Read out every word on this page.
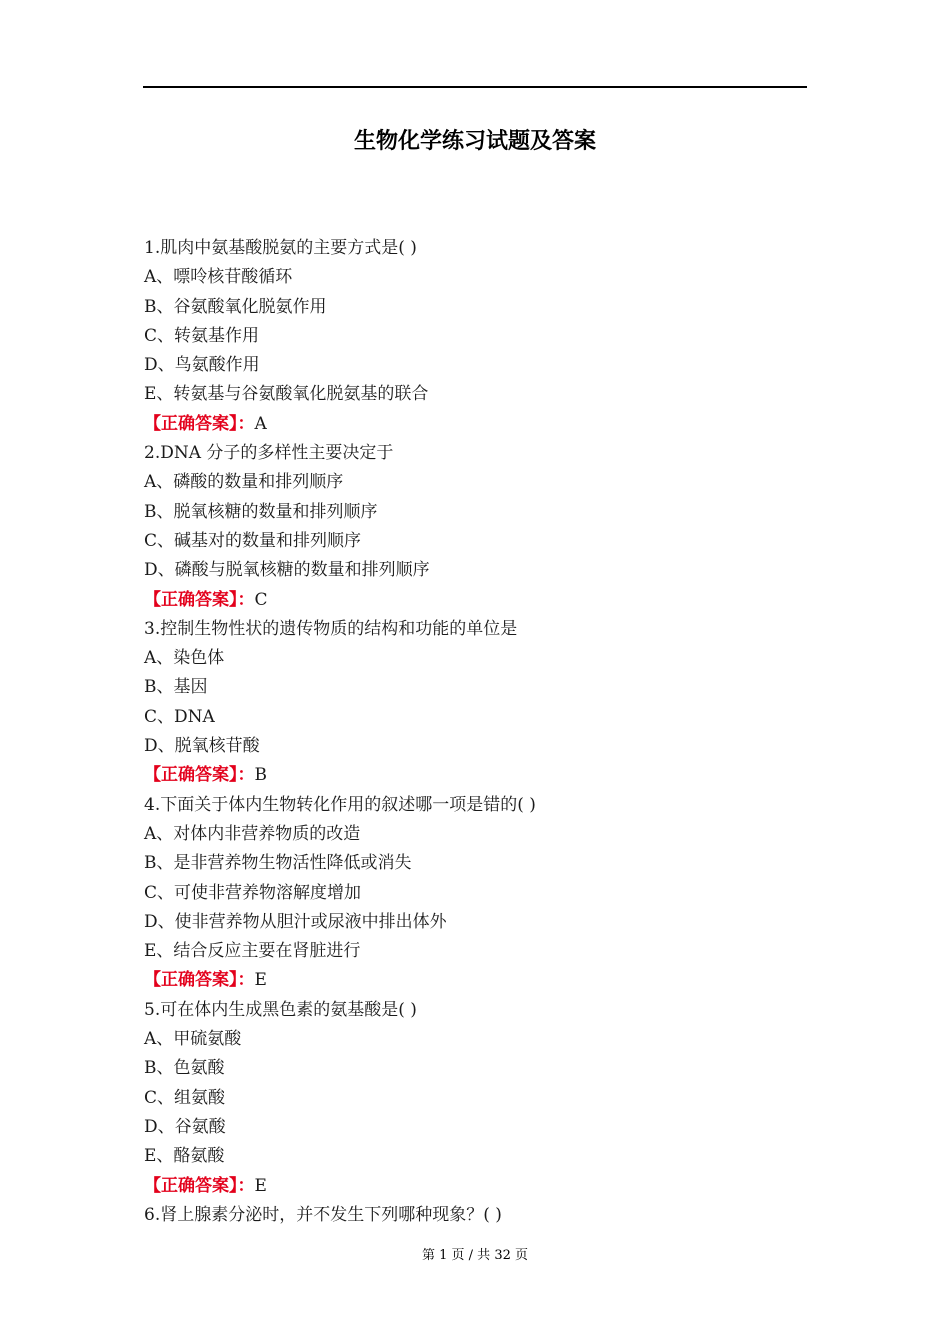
生物化学练习试题及答案
1.肌肉中氨基酸脱氨的主要方式是( )
A、嘌呤核苷酸循环
B、谷氨酸氧化脱氨作用
C、转氨基作用
D、鸟氨酸作用
E、转氨基与谷氨酸氧化脱氨基的联合
【正确答案】：A
2.DNA 分子的多样性主要决定于
A、磷酸的数量和排列顺序
B、脱氧核糖的数量和排列顺序
C、碱基对的数量和排列顺序
D、磷酸与脱氧核糖的数量和排列顺序
【正确答案】：C
3.控制生物性状的遗传物质的结构和功能的单位是
A、染色体
B、基因
C、DNA
D、脱氧核苷酸
【正确答案】：B
4.下面关于体内生物转化作用的叙述哪一项是错的( )
A、对体内非营养物质的改造
B、是非营养物生物活性降低或消失
C、可使非营养物溶解度增加
D、使非营养物从胆汁或尿液中排出体外
E、结合反应主要在肾脏进行
【正确答案】：E
5.可在体内生成黑色素的氨基酸是( )
A、甲硫氨酸
B、色氨酸
C、组氨酸
D、谷氨酸
E、酪氨酸
【正确答案】：E
6.肾上腺素分泌时，并不发生下列哪种现象？( )
第 1 页 / 共 32 页
